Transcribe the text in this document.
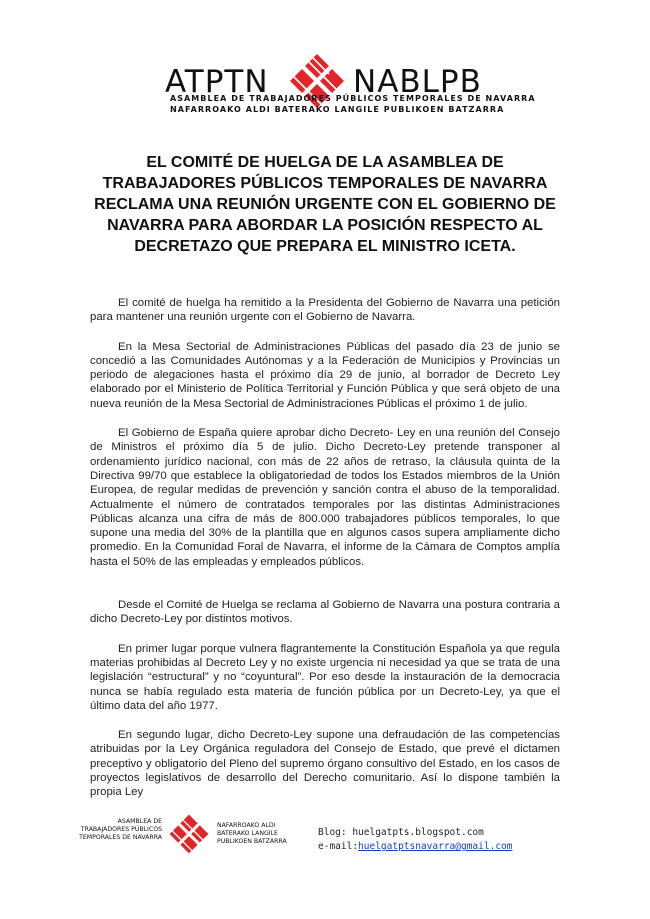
ATPTN	NABLPB
ASAMBLEA DE TRABAJADORES PÚBLICOS TEMPORALES DE NAVARRA
NAFARROAKO ALDI BATERAKO LANGILE PUBLIKOEN BATZARRA
EL COMITÉ DE HUELGA DE LA ASAMBLEA DE TRABAJADORES PÚBLICOS TEMPORALES DE NAVARRA RECLAMA UNA REUNIÓN URGENTE CON EL GOBIERNO DE NAVARRA PARA ABORDAR LA POSICIÓN RESPECTO AL DECRETAZO QUE PREPARA EL MINISTRO ICETA.

El comité de huelga ha remitido a la Presidenta del Gobierno de Navarra una petición para mantener una reunión urgente con el Gobierno de Navarra.

En la Mesa Sectorial de Administraciones Públicas del pasado día 23 de junio se concedió a las Comunidades Autónomas y a la Federación de Municipios y Provincias un periodo de alegaciones hasta el próximo día 29 de junio, al borrador de Decreto Ley elaborado por el Ministerio de Política Territorial y Función Pública y que será objeto de una nueva reunión de la Mesa Sectorial de Administraciones Públicas el próximo 1 de julio.

El Gobierno de España quiere aprobar dicho Decreto- Ley en una reunión del Consejo de Ministros el próximo día 5 de julio. Dicho Decreto-Ley pretende transponer al ordenamiento jurídico nacional, con más de 22 años de retraso, la cláusula quinta de la Directiva 99/70 que establece la obligatoriedad de todos los Estados miembros de la Unión Europea, de regular medidas de prevención y sanción contra el abuso de la temporalidad. Actualmente el número de contratados temporales por las distintas Administraciones Públicas alcanza una cifra de más de 800.000 trabajadores públicos temporales, lo que supone una media del 30% de la plantilla que en algunos casos supera ampliamente dicho promedio. En la Comunidad Foral de Navarra, el informe de la Cámara de Comptos amplía hasta el 50% de las empleadas y empleados públicos.

Desde el Comité de Huelga se reclama al Gobierno de Navarra una postura contraria a dicho Decreto-Ley por distintos motivos.

En primer lugar porque vulnera flagrantemente la Constitución Española ya que regula materias prohibidas al Decreto Ley y no existe urgencia ni necesidad ya que se trata de una legislación “estructural” y no “coyuntural”. Por eso desde la instauración de la democracia nunca se había regulado esta materia de función pública por un Decreto-Ley, ya que el último data del año 1977.

En segundo lugar, dicho Decreto-Ley supone una defraudación de las competencias atribuidas por la Ley Orgánica reguladora del Consejo de Estado, que prevé el dictamen preceptivo y obligatorio del Pleno del supremo órgano consultivo del Estado, en los casos de proyectos legislativos de desarrollo del Derecho comunitario. Así lo dispone también la propia Ley

ASAMBLEA DE
TRABAJADORES PÚBLICOS
TEMPORALES DE NAVARRA
NAFARROAKO ALDI
BATERAKO LANGILE
PUBLIKOEN BATZARRA
Blog: huelgatpts.blogspot.com
e-mail:huelgatptsnavarra@gmail.com
